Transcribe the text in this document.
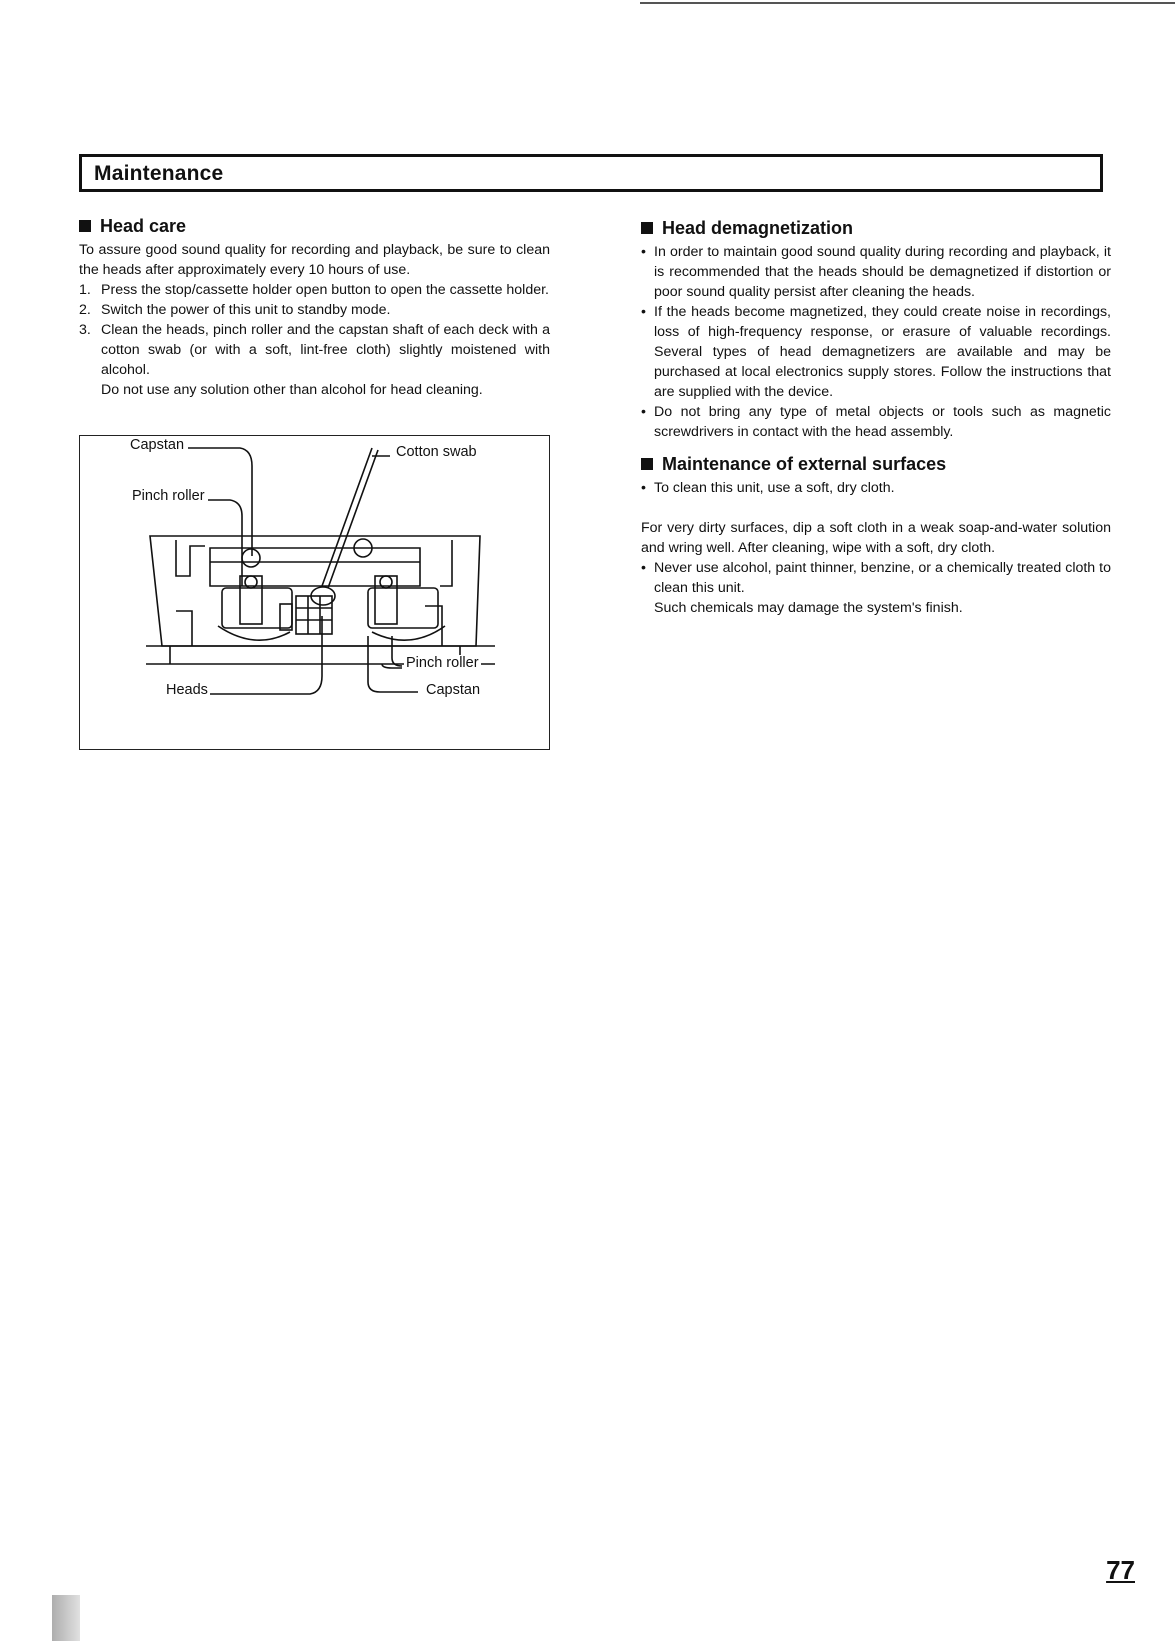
Maintenance
Head care

To assure good sound quality for recording and playback, be sure to clean the heads after approximately every 10 hours of use.

1. Press the stop/cassette holder open button to open the cassette holder.
2. Switch the power of this unit to standby mode.
3. Clean the heads, pinch roller and the capstan shaft of each deck with a cotton swab (or with a soft, lint-free cloth) slightly moistened with alcohol.

Do not use any solution other than alcohol for head cleaning.

Capstan
Pinch roller
Cotton swab
Heads
Pinch roller
Capstan
Head demagnetization

• In order to maintain good sound quality during recording and playback, it is recommended that the heads should be demagnetized if distortion or poor sound quality persist after cleaning the heads.

• If the heads become magnetized, they could create noise in recordings, loss of high-frequency response, or erasure of valuable recordings. Several types of head demagnetizers are available and may be purchased at local electronics supply stores. Follow the instructions that are supplied with the device.

• Do not bring any type of metal objects or tools such as magnetic screwdrivers in contact with the head assembly.

Maintenance of external surfaces

• To clean this unit, use a soft, dry cloth.

For very dirty surfaces, dip a soft cloth in a weak soap-and-water solution and wring well. After cleaning, wipe with a soft, dry cloth.

• Never use alcohol, paint thinner, benzine, or a chemically treated cloth to clean this unit.

Such chemicals may damage the system's finish.

77
